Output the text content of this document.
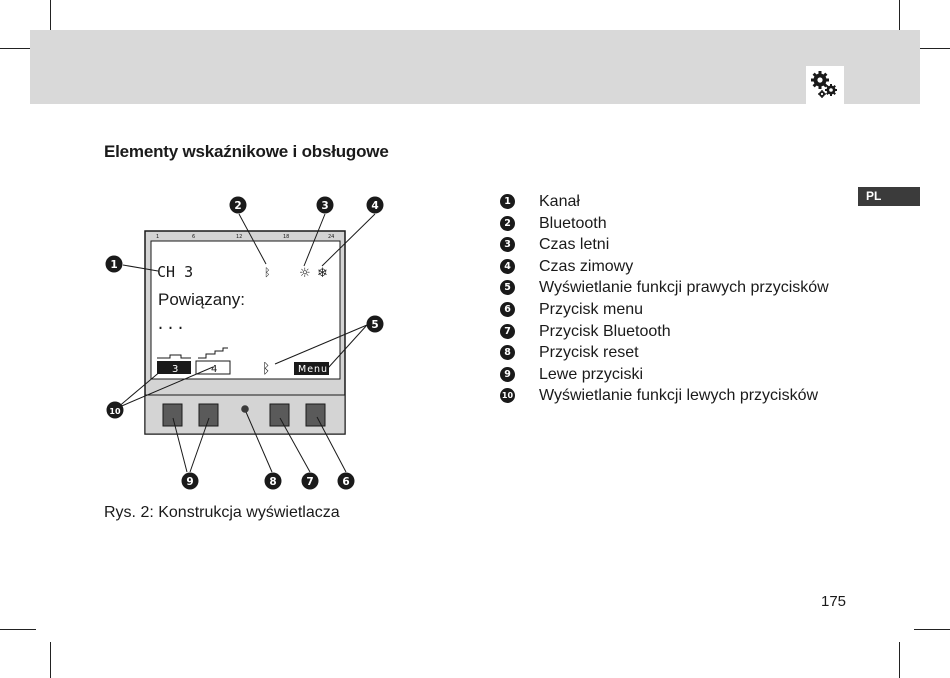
Elementy wskaźnikowe i obsługowe
PL
1	6	12	18	24
CH 3
Powiązany:
...
ᛒ
ᛒ
☼ ❄
3	4	Menu
1
2	3	4
5
6
7
8
9
10
Rys. 2: Konstrukcja wyświetlacza
1 Kanał
2 Bluetooth
3 Czas letni
4 Czas zimowy
5 Wyświetlanie funkcji prawych przycisków
6 Przycisk menu
7 Przycisk Bluetooth
8 Przycisk reset
9 Lewe przyciski
10 Wyświetlanie funkcji lewych przycisków
175
